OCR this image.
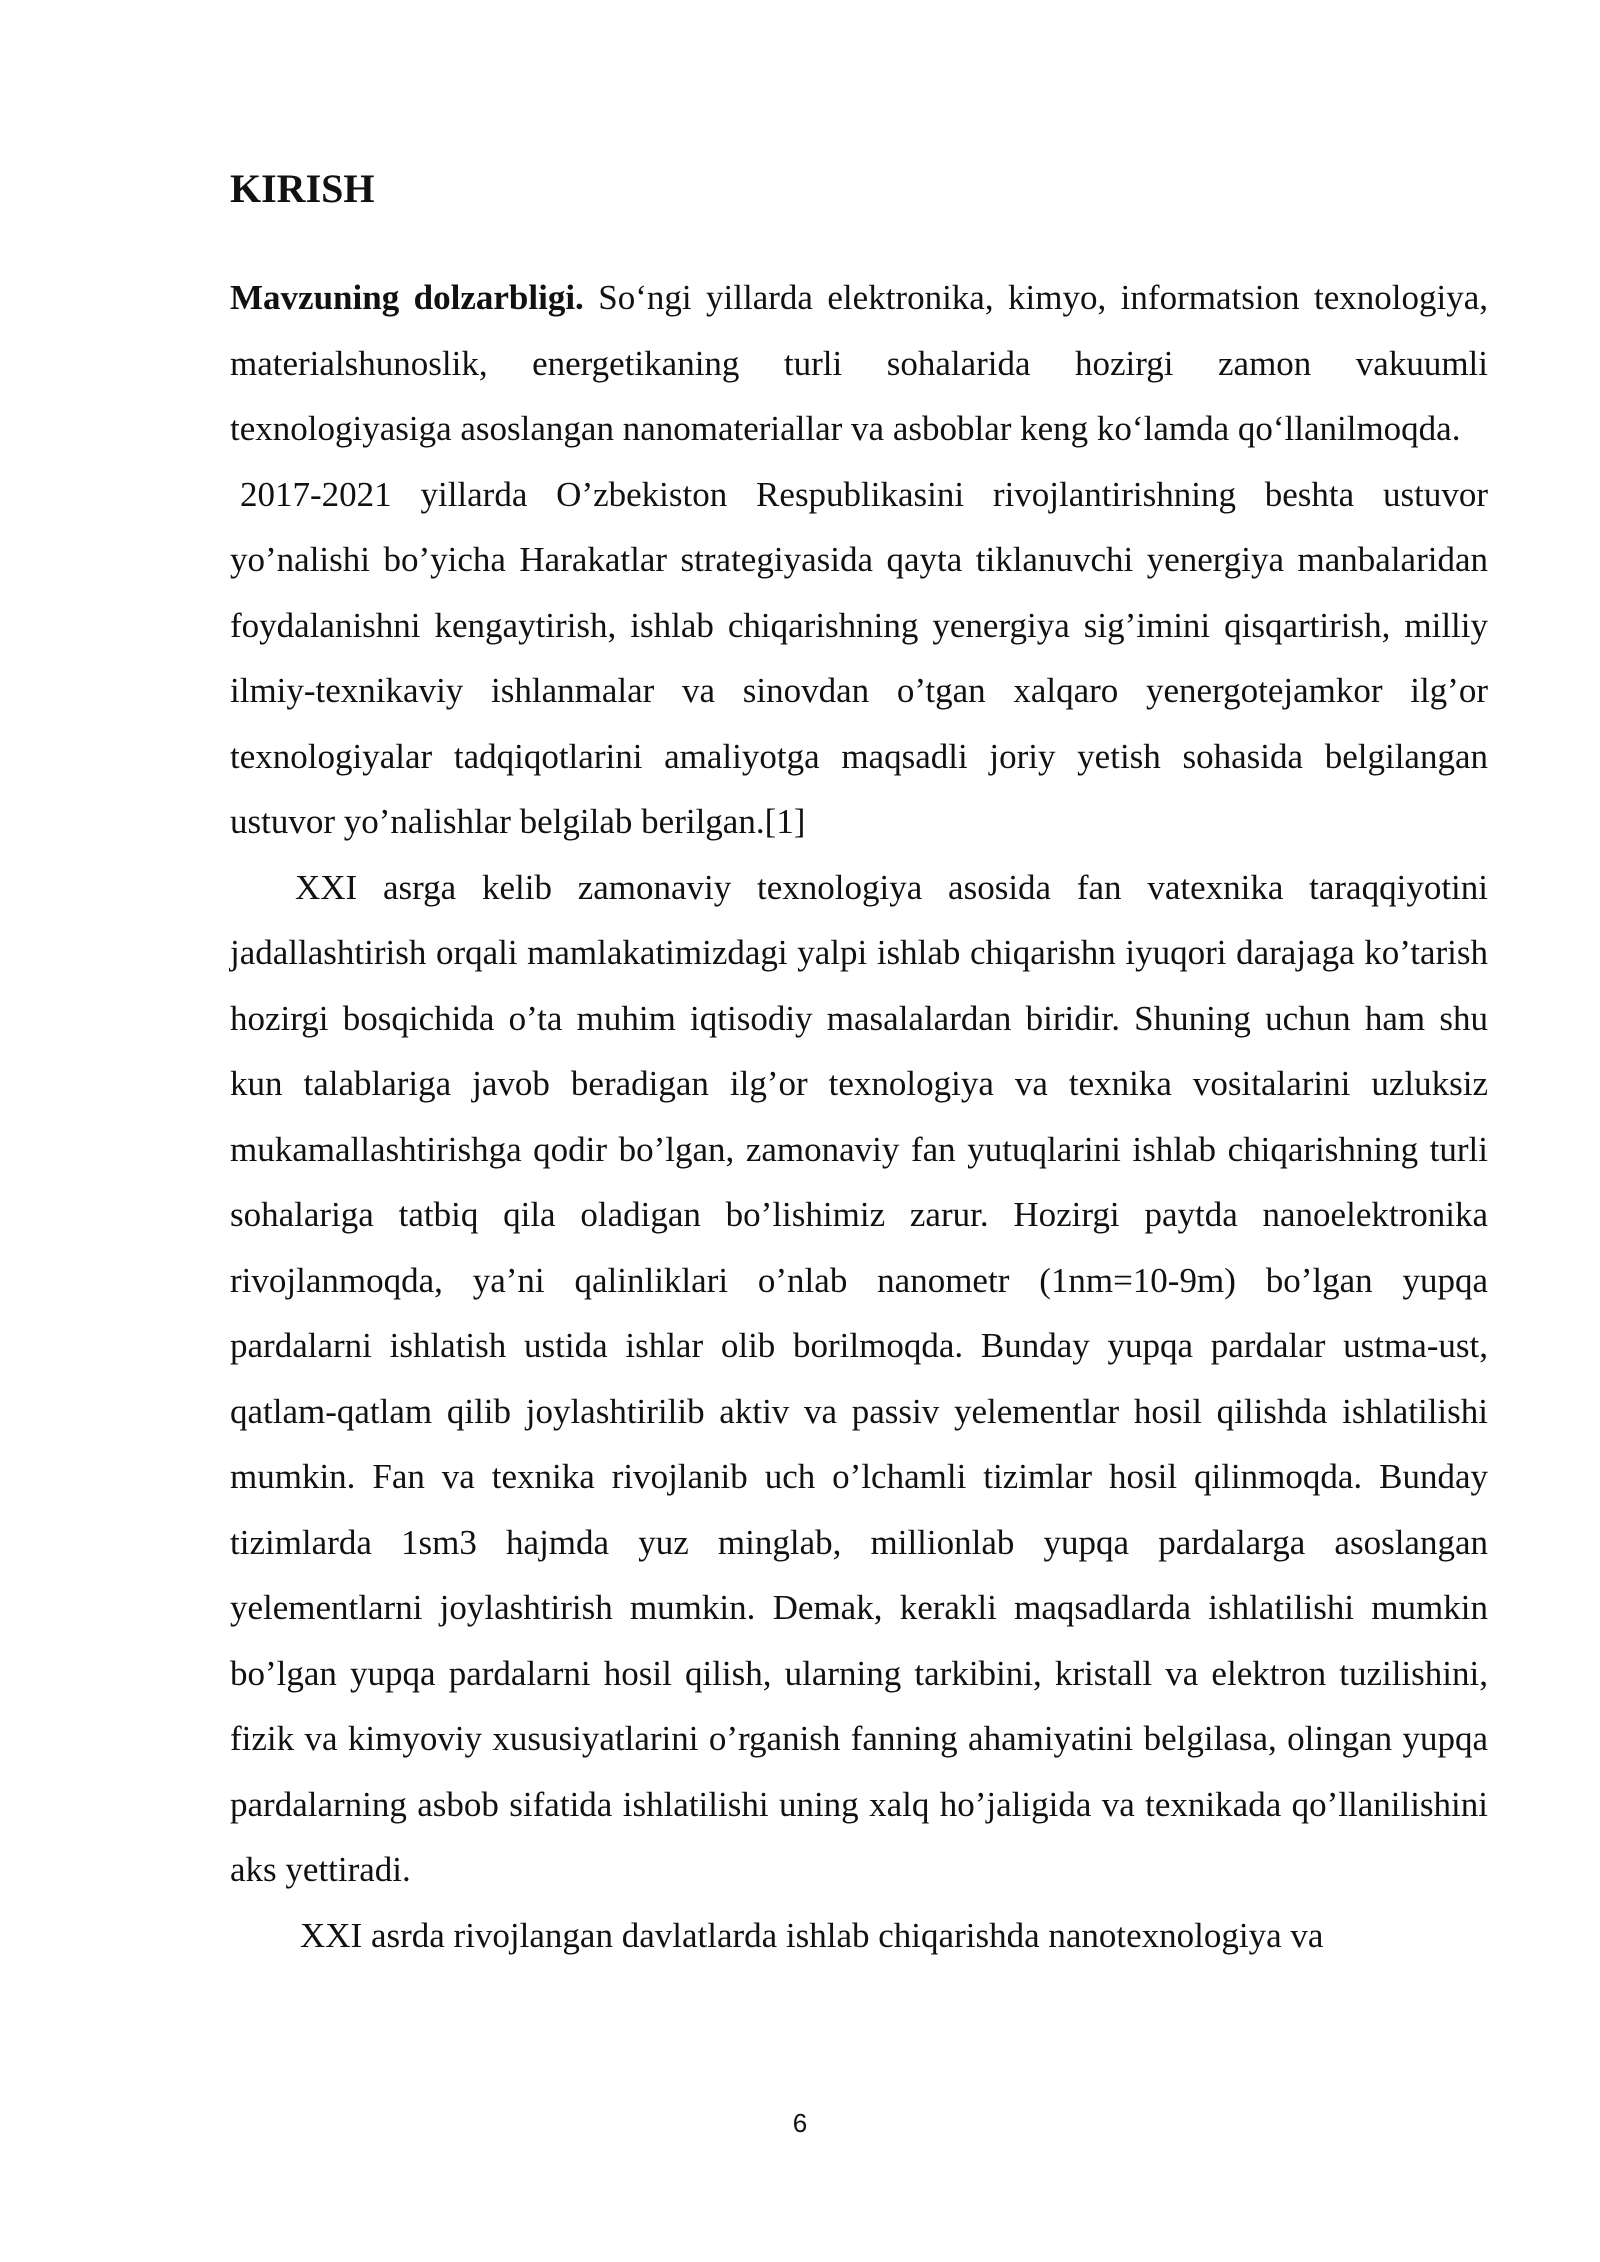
KIRISH

Mavzuning dolzarbligi. So‘ngi yillarda elektronika, kimyo, informatsion texnologiya, materialshunoslik, energetikaning turli sohalarida hozirgi zamon vakuumli texnologiyasiga asoslangan nanomateriallar va asboblar keng ko‘lamda qo‘llanilmoqda.

2017-2021 yillarda O’zbekiston Respublikasini rivojlantirishning beshta ustuvor yo’nalishi bo’yicha Harakatlar strategiyasida qayta tiklanuvchi yenergiya manbalaridan foydalanishni kengaytirish, ishlab chiqarishning yenergiya sig’imini qisqartirish, milliy ilmiy-texnikaviy ishlanmalar va sinovdan o’tgan xalqaro yenergotejamkor ilg’or texnologiyalar tadqiqotlarini amaliyotga maqsadli joriy yetish sohasida belgilangan ustuvor yo’nalishlar belgilab berilgan.[1]

XXI asrga kelib zamonaviy texnologiya asosida fan vatexnika taraqqiyotini jadallashtirish orqali mamlakatimizdagi yalpi ishlab chiqarishn iyuqori darajaga ko’tarish hozirgi bosqichida o’ta muhim iqtisodiy masalalardan biridir. Shuning uchun ham shu kun talablariga javob beradigan ilg’or texnologiya va texnika vositalarini uzluksiz mukamallashtirishga qodir bo’lgan, zamonaviy fan yutuqlarini ishlab chiqarishning turli sohalariga tatbiq qila oladigan bo’lishimiz zarur. Hozirgi paytda nanoelektronika rivojlanmoqda, ya’ni qalinliklari o’nlab nanometr (1nm=10-9m) bo’lgan yupqa pardalarni ishlatish ustida ishlar olib borilmoqda. Bunday yupqa pardalar ustma-ust, qatlam-qatlam qilib joylashtirilib aktiv va passiv yelementlar hosil qilishda ishlatilishi mumkin. Fan va texnika rivojlanib uch o’lchamli tizimlar hosil qilinmoqda. Bunday tizimlarda 1sm3 hajmda yuz minglab, millionlab yupqa pardalarga asoslangan yelementlarni joylashtirish mumkin. Demak, kerakli maqsadlarda ishlatilishi mumkin bo’lgan yupqa pardalarni hosil qilish, ularning tarkibini, kristall va elektron tuzilishini, fizik va kimyoviy xususiyatlarini o’rganish fanning ahamiyatini belgilasa, olingan yupqa pardalarning asbob sifatida ishlatilishi uning xalq ho’jaligida va texnikada qo’llanilishini aks yettiradi.

XXI asrda rivojlangan davlatlarda ishlab chiqarishda nanotexnologiya va

6
